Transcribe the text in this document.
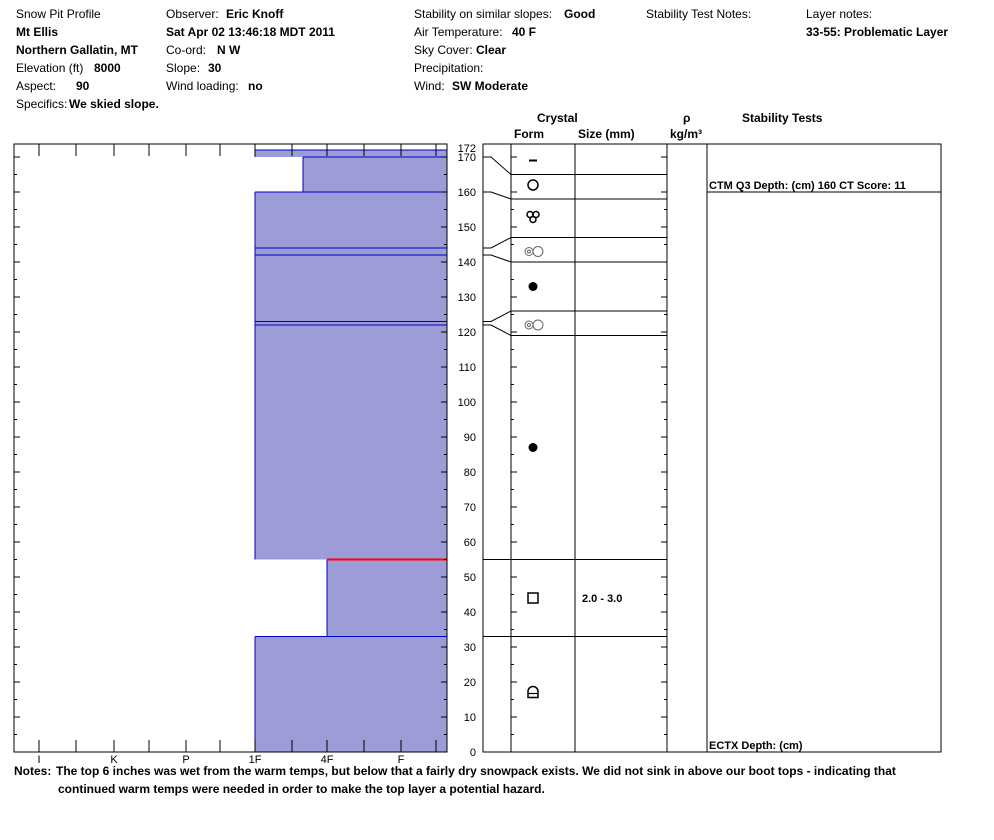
Snow Pit Profile
Mt Ellis
Northern Gallatin, MT
Elevation (ft) 8000
Aspect: 90
Specifics: We skied slope.
Observer: Eric Knoff
Sat Apr 02 13:46:18 MDT 2011
Co-ord: N W
Slope: 30
Wind loading: no
Stability on similar slopes: Good
Air Temperature: 40 F
Sky Cover: Clear
Precipitation:
Wind: SW Moderate
Stability Test Notes:	Layer notes:
33-55: Problematic Layer
Crystal
Form	Size (mm)
ρ
kg/m³
Stability Tests
I	K	P	1F	4F	F
0
10
20
30
40
50
60
70
80
90
100
110
120
130
140
150
160
170
172
2.0 - 3.0
CTM Q3 Depth: (cm) 160 CT Score: 11
ECTX Depth: (cm)
Notes: The top 6 inches was wet from the warm temps, but below that a fairly dry snowpack exists. We did not sink in above our boot tops - indicating that
continued warm temps were needed in order to make the top layer a potential hazard.
